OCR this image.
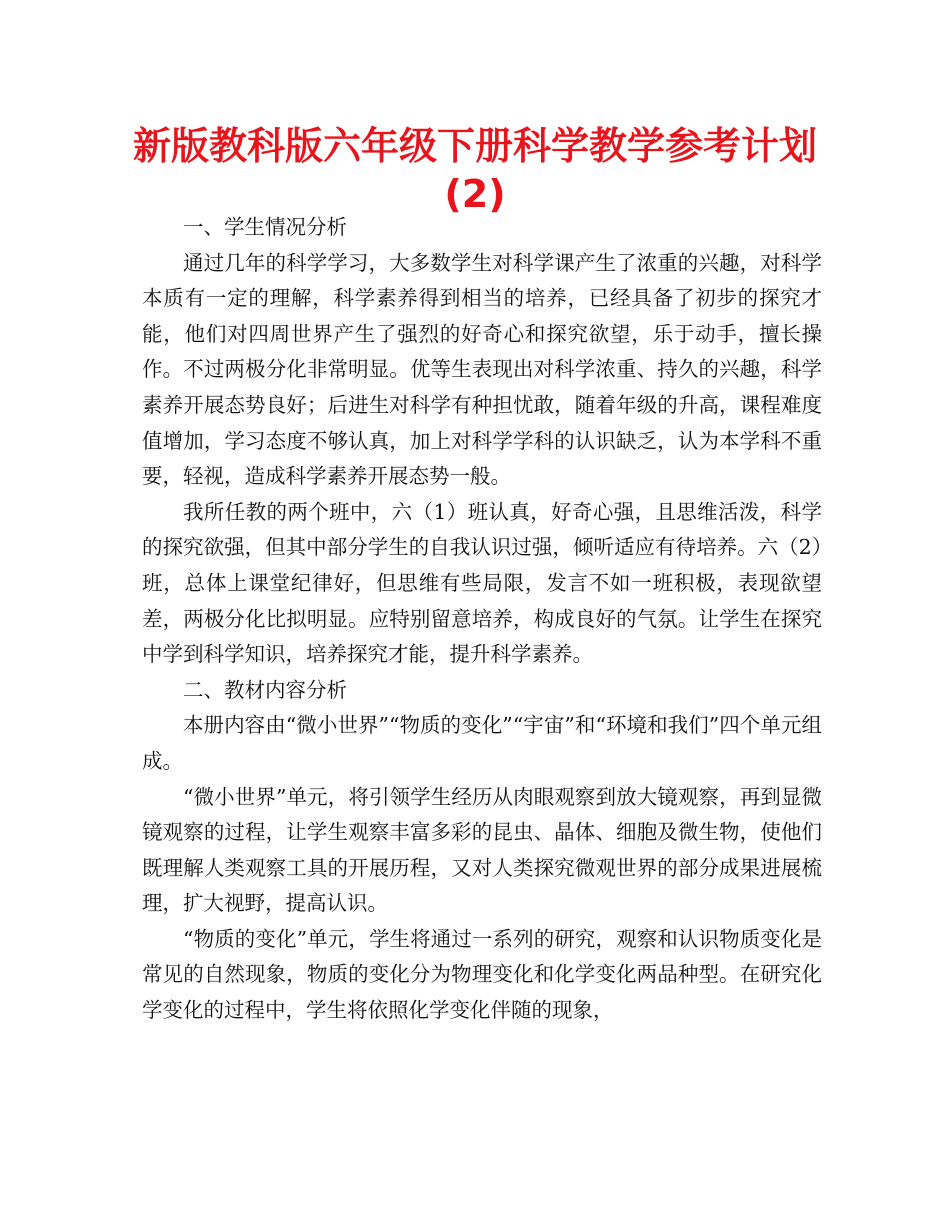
新版教科版六年级下册科学教学参考计划
(2)

一、学生情况分析

通过几年的科学学习，大多数学生对科学课产生了浓重的兴趣，对科学本质有一定的理解，科学素养得到相当的培养，已经具备了初步的探究才能，他们对四周世界产生了强烈的好奇心和探究欲望，乐于动手，擅长操作。不过两极分化非常明显。优等生表现出对科学浓重、持久的兴趣，科学素养开展态势良好；后进生对科学有种担忧敢，随着年级的升高，课程难度值增加，学习态度不够认真，加上对科学学科的认识缺乏，认为本学科不重要，轻视，造成科学素养开展态势一般。

我所任教的两个班中，六（1）班认真，好奇心强，且思维活泼，科学的探究欲强，但其中部分学生的自我认识过强，倾听适应有待培养。六（2）班，总体上课堂纪律好，但思维有些局限，发言不如一班积极，表现欲望差，两极分化比拟明显。应特别留意培养，构成良好的气氛。让学生在探究中学到科学知识，培养探究才能，提升科学素养。

二、教材内容分析

本册内容由“微小世界”“物质的变化”“宇宙”和“环境和我们”四个单元组成。

“微小世界”单元，将引领学生经历从肉眼观察到放大镜观察，再到显微镜观察的过程，让学生观察丰富多彩的昆虫、晶体、细胞及微生物，使他们既理解人类观察工具的开展历程，又对人类探究微观世界的部分成果进展梳理，扩大视野，提高认识。

“物质的变化”单元，学生将通过一系列的研究，观察和认识物质变化是常见的自然现象，物质的变化分为物理变化和化学变化两品种型。在研究化学变化的过程中，学生将依照化学变化伴随的现象，
